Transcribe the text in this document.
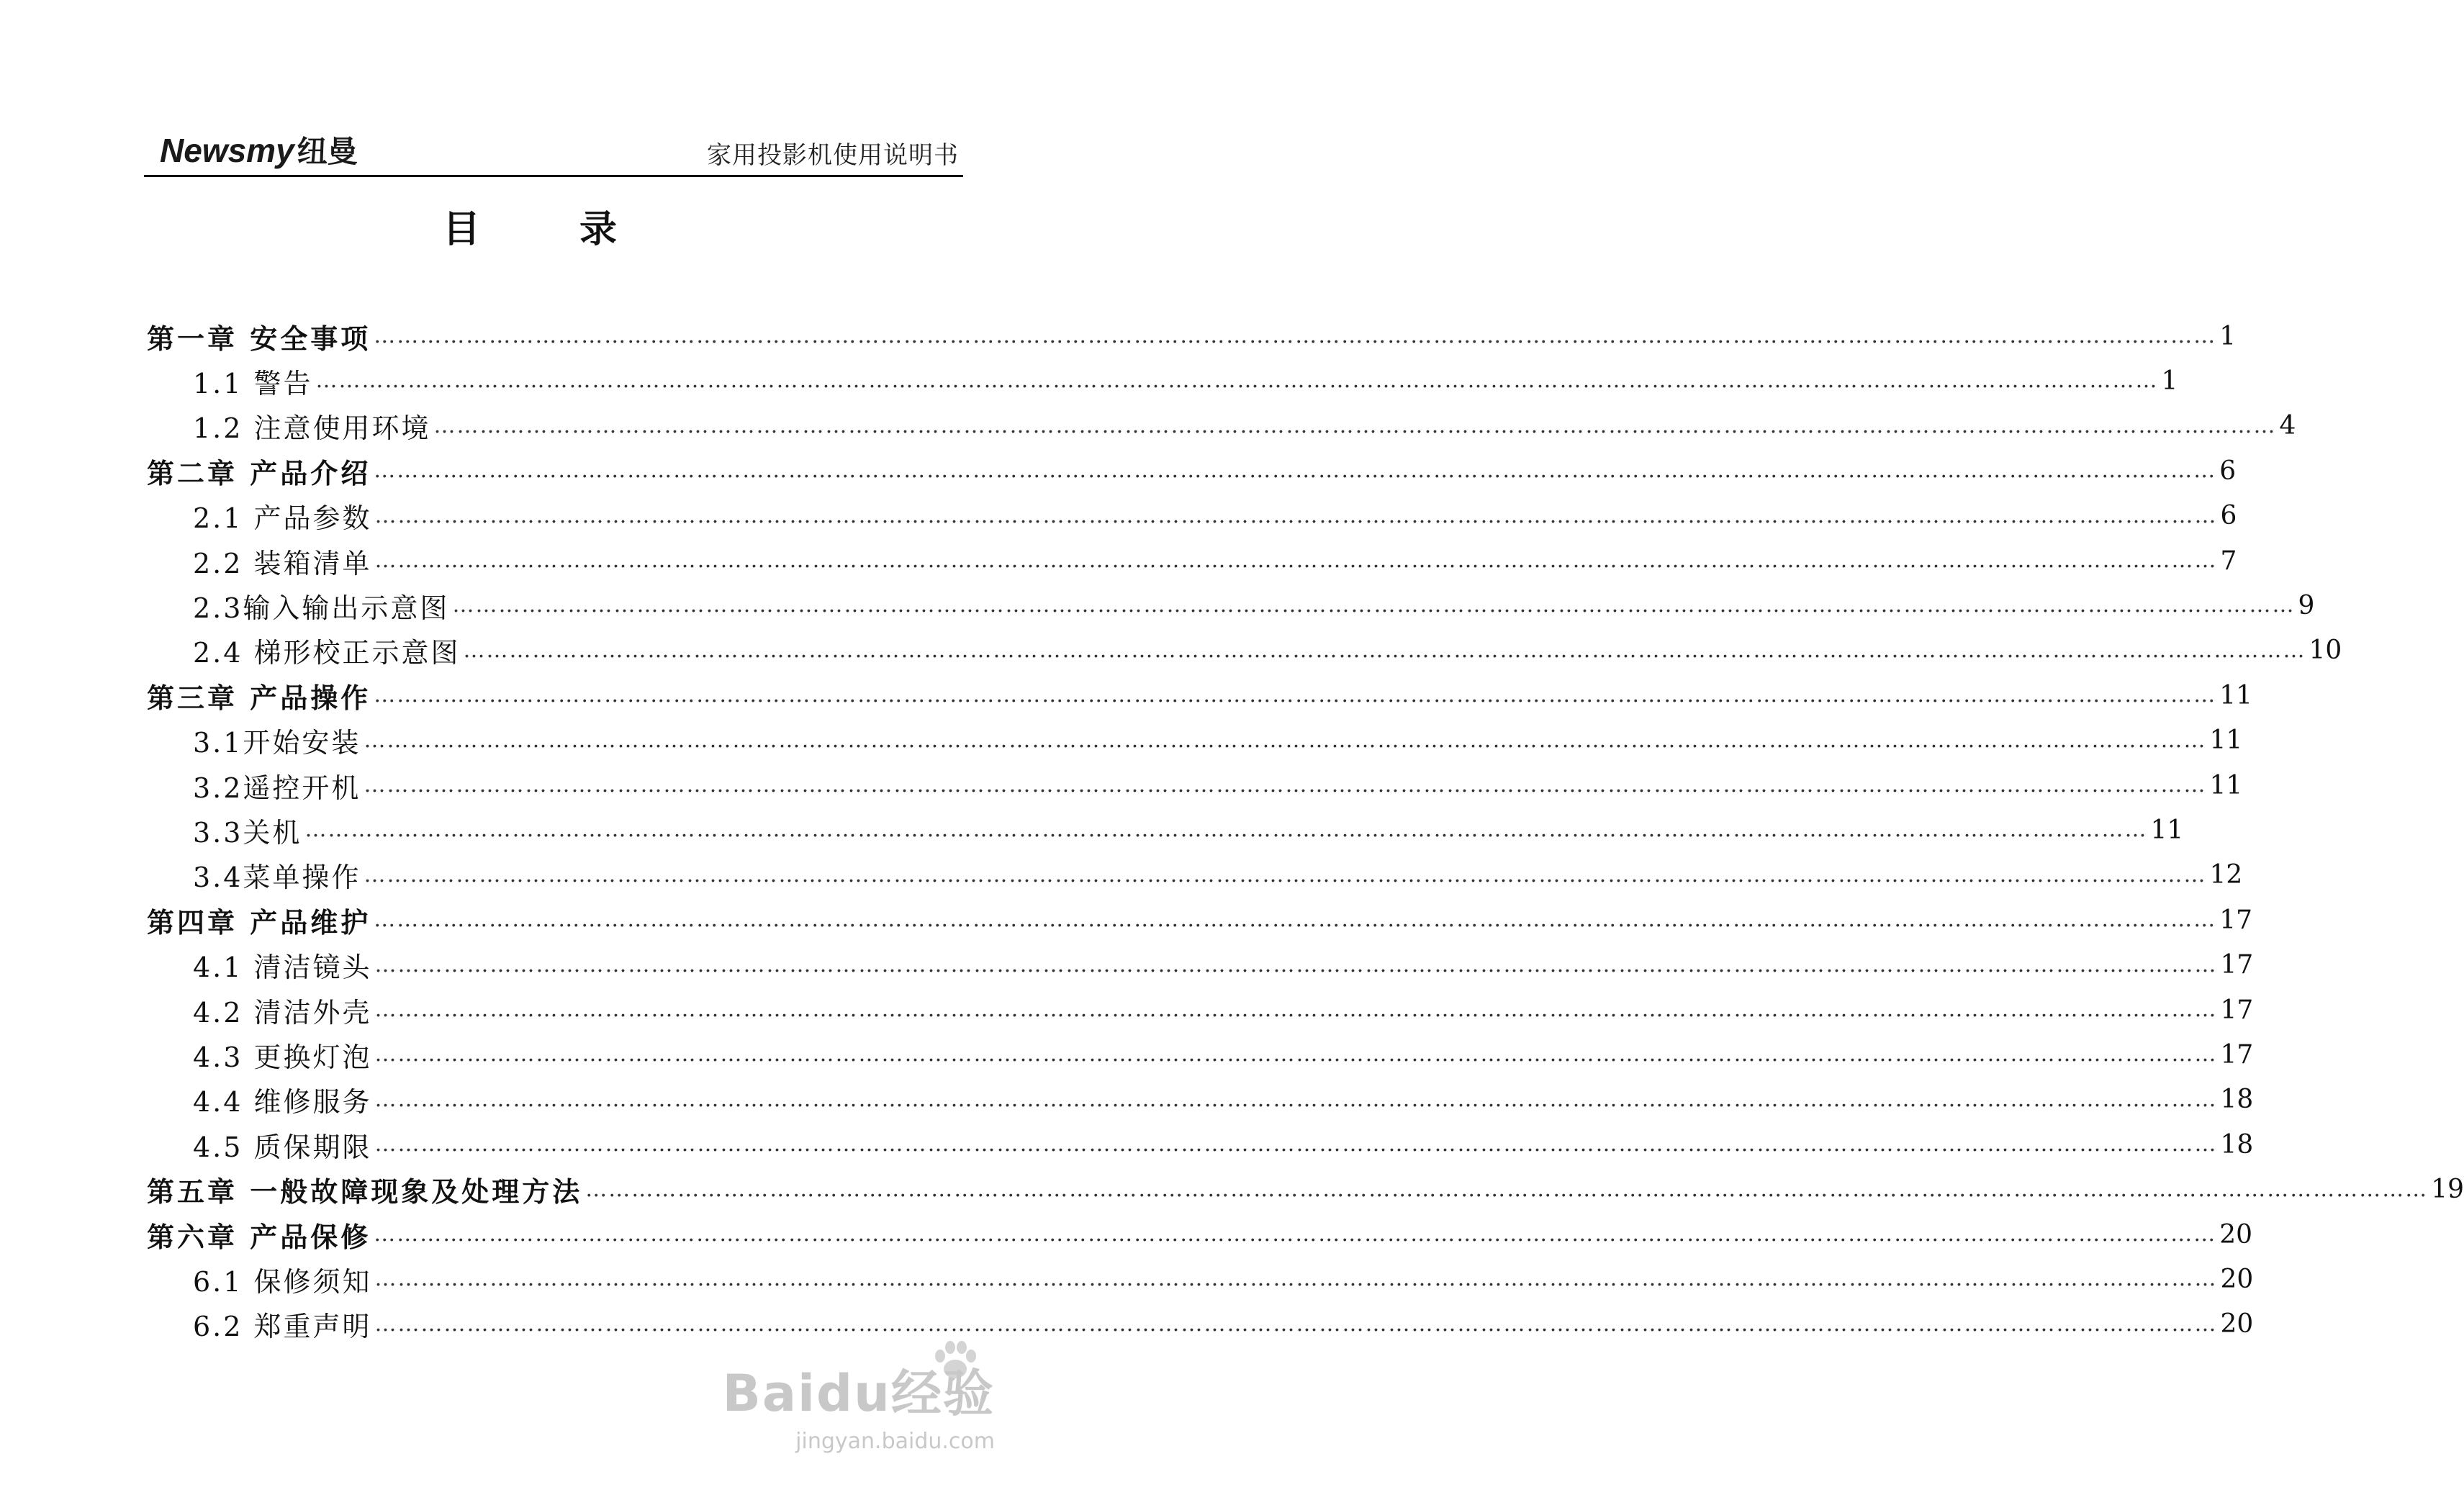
Newsmy纽曼	家用投影机使用说明书
目 录
第一章 安全事项 …………………………………………………………………………………………………………………………………………………………………………………………………………………… 1
1.1 警告 …………………………………………………………………………………………………………………………………………………………………………………………………………………… 1
1.2 注意使用环境 …………………………………………………………………………………………………………………………………………………………………………………………………………………… 4
第二章 产品介绍 …………………………………………………………………………………………………………………………………………………………………………………………………………………… 6
2.1 产品参数 …………………………………………………………………………………………………………………………………………………………………………………………………………………… 6
2.2 装箱清单 …………………………………………………………………………………………………………………………………………………………………………………………………………………… 7
2.3输入输出示意图 …………………………………………………………………………………………………………………………………………………………………………………………………………………… 9
2.4 梯形校正示意图 …………………………………………………………………………………………………………………………………………………………………………………………………………………… 10
第三章 产品操作 …………………………………………………………………………………………………………………………………………………………………………………………………………………… 11
3.1开始安装 …………………………………………………………………………………………………………………………………………………………………………………………………………………… 11
3.2遥控开机 …………………………………………………………………………………………………………………………………………………………………………………………………………………… 11
3.3关机 …………………………………………………………………………………………………………………………………………………………………………………………………………………… 11
3.4菜单操作 …………………………………………………………………………………………………………………………………………………………………………………………………………………… 12
第四章 产品维护 …………………………………………………………………………………………………………………………………………………………………………………………………………………… 17
4.1 清洁镜头 …………………………………………………………………………………………………………………………………………………………………………………………………………………… 17
4.2 清洁外壳 …………………………………………………………………………………………………………………………………………………………………………………………………………………… 17
4.3 更换灯泡 …………………………………………………………………………………………………………………………………………………………………………………………………………………… 17
4.4 维修服务 …………………………………………………………………………………………………………………………………………………………………………………………………………………… 18
4.5 质保期限 …………………………………………………………………………………………………………………………………………………………………………………………………………………… 18
第五章 一般故障现象及处理方法 …………………………………………………………………………………………………………………………………………………………………………………………………………………… 19
第六章 产品保修 …………………………………………………………………………………………………………………………………………………………………………………………………………………… 20
6.1 保修须知 …………………………………………………………………………………………………………………………………………………………………………………………………………………… 20
6.2 郑重声明 …………………………………………………………………………………………………………………………………………………………………………………………………………………… 20
Baidu经验
jingyan.baidu.com
